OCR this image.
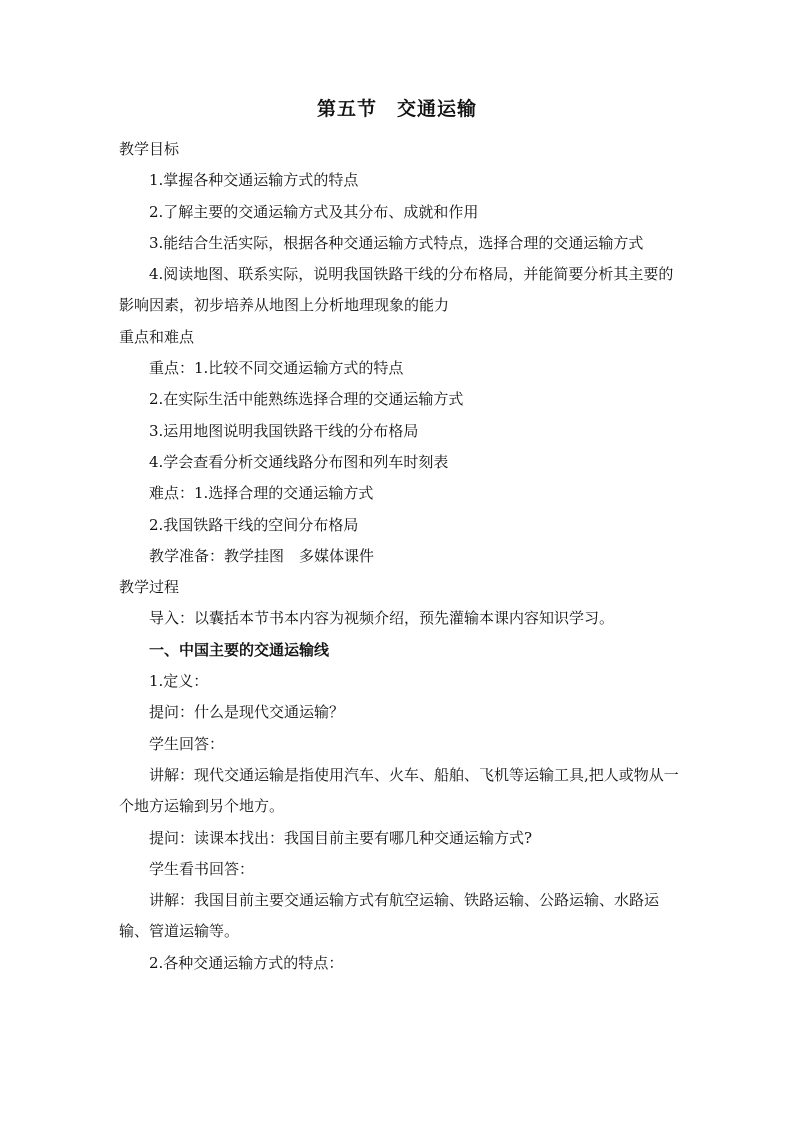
第五节　交通运输

教学目标

1.掌握各种交通运输方式的特点

2.了解主要的交通运输方式及其分布、成就和作用

3.能结合生活实际，根据各种交通运输方式特点，选择合理的交通运输方式

4.阅读地图、联系实际，说明我国铁路干线的分布格局，并能简要分析其主要的影响因素，初步培养从地图上分析地理现象的能力

重点和难点

重点：1.比较不同交通运输方式的特点

2.在实际生活中能熟练选择合理的交通运输方式

3.运用地图说明我国铁路干线的分布格局

4.学会查看分析交通线路分布图和列车时刻表

难点：1.选择合理的交通运输方式

2.我国铁路干线的空间分布格局

教学准备：教学挂图　多媒体课件

教学过程

导入：以囊括本节书本内容为视频介绍，预先灌输本课内容知识学习。

一、中国主要的交通运输线

1.定义：

提问：什么是现代交通运输？

学生回答：

讲解：现代交通运输是指使用汽车、火车、船舶、飞机等运输工具,把人或物从一个地方运输到另个地方。

提问：读课本找出：我国目前主要有哪几种交通运输方式?

学生看书回答：

讲解：我国目前主要交通运输方式有航空运输、铁路运输、公路运输、水路运输、管道运输等。

2.各种交通运输方式的特点：
